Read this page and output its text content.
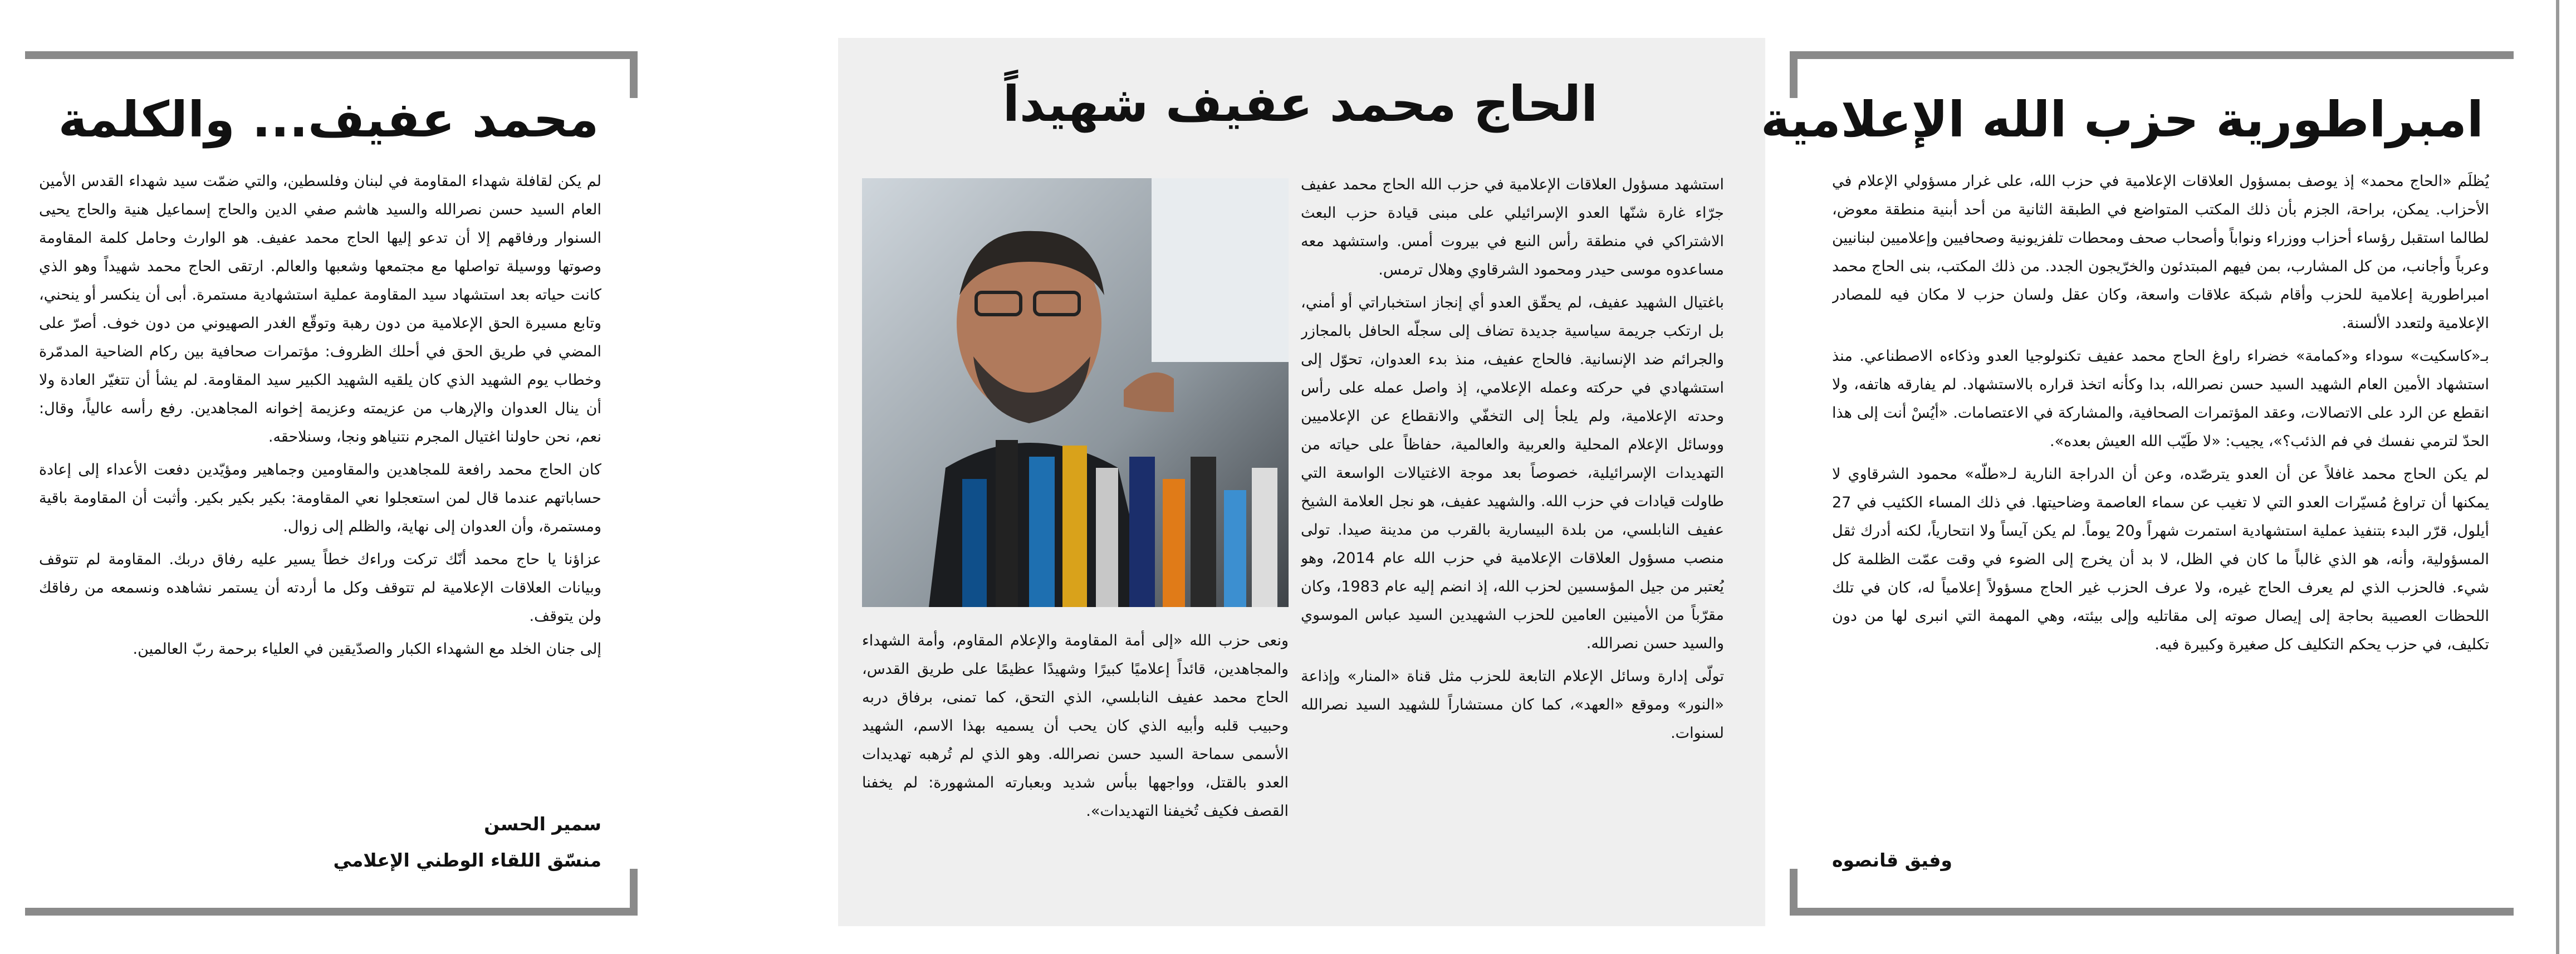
محمد عفيف... والكلمة

لم يكن لقافلة شهداء المقاومة في لبنان وفلسطين، والتي ضمّت سيد شهداء القدس الأمين العام السيد حسن نصرالله والسيد هاشم صفي الدين والحاج إسماعيل هنية والحاج يحيى السنوار ورفاقهم إلا أن تدعو إليها الحاج محمد عفيف. هو الوارث وحامل كلمة المقاومة وصوتها ووسيلة تواصلها مع مجتمعها وشعبها والعالم. ارتقى الحاج محمد شهيداً وهو الذي كانت حياته بعد استشهاد سيد المقاومة عملية استشهادية مستمرة. أبى أن ينكسر أو ينحني، وتابع مسيرة الحق الإعلامية من دون رهبة وتوقّع الغدر الصهيوني من دون خوف. أصرّ على المضي في طريق الحق في أحلك الظروف: مؤتمرات صحافية بين ركام الضاحية المدمّرة وخطاب يوم الشهيد الذي كان يلقيه الشهيد الكبير سيد المقاومة. لم يشأ أن تتغيّر العادة ولا أن ينال العدوان والإرهاب من عزيمته وعزيمة إخوانه المجاهدين. رفع رأسه عالياً، وقال: نعم، نحن حاولنا اغتيال المجرم نتنياهو ونجا، وسنلاحقه.

كان الحاج محمد رافعة للمجاهدين والمقاومين وجماهير ومؤيّدين دفعت الأعداء إلى إعادة حساباتهم عندما قال لمن استعجلوا نعي المقاومة: بكير بكير بكير. وأثبت أن المقاومة باقية ومستمرة، وأن العدوان إلى نهاية، والظلم إلى زوال.

عزاؤنا يا حاج محمد أنّك تركت وراءك خطاً يسير عليه رفاق دربك. المقاومة لم تتوقف وبيانات العلاقات الإعلامية لم تتوقف وكل ما أردته أن يستمر نشاهده ونسمعه من رفاقك ولن يتوقف.

إلى جنان الخلد مع الشهداء الكبار والصدّيقين في العلياء برحمة ربّ العالمين.

سمير الحسن
منسّق اللقاء الوطني الإعلامي
الحاج محمد عفيف شهيداً

استشهد مسؤول العلاقات الإعلامية في حزب الله الحاج محمد عفيف جرّاء غارة شنّها العدو الإسرائيلي على مبنى قيادة حزب البعث الاشتراكي في منطقة رأس النبع في بيروت أمس. واستشهد معه مساعدوه موسى حيدر ومحمود الشرقاوي وهلال ترمس.

باغتيال الشهيد عفيف، لم يحقّق العدو أي إنجاز استخباراتي أو أمني، بل ارتكب جريمة سياسية جديدة تضاف إلى سجلّه الحافل بالمجازر والجرائم ضد الإنسانية. فالحاج عفيف، منذ بدء العدوان، تحوّل إلى استشهادي في حركته وعمله الإعلامي، إذ واصل عمله على رأس وحدته الإعلامية، ولم يلجأ إلى التخفّي والانقطاع عن الإعلاميين ووسائل الإعلام المحلية والعربية والعالمية، حفاظاً على حياته من التهديدات الإسرائيلية، خصوصاً بعد موجة الاغتيالات الواسعة التي طاولت قيادات في حزب الله. والشهيد عفيف، هو نجل العلامة الشيخ عفيف النابلسي، من بلدة البيسارية بالقرب من مدينة صيدا. تولى منصب مسؤول العلاقات الإعلامية في حزب الله عام 2014، وهو يُعتبر من جيل المؤسسين لحزب الله، إذ انضم إليه عام 1983، وكان مقرّباً من الأمينين العامين للحزب الشهيدين السيد عباس الموسوي والسيد حسن نصرالله.

تولّى إدارة وسائل الإعلام التابعة للحزب مثل قناة «المنار» وإذاعة «النور» وموقع «العهد»، كما كان مستشاراً للشهيد السيد نصرالله لسنوات.

ونعى حزب الله «إلى أمة المقاومة والإعلام المقاوم، وأمة الشهداء والمجاهدين، قائداً إعلاميًا كبيرًا وشهيدًا عظيمًا على طريق القدس، الحاج محمد عفيف النابلسي، الذي التحق، كما تمنى، برفاق دربه وحبيب قلبه وأبيه الذي كان يحب أن يسميه بهذا الاسم، الشهيد الأسمى سماحة السيد حسن نصرالله. وهو الذي لم تُرهبه تهديدات العدو بالقتل، وواجهها ببأس شديد وبعبارته المشهورة: لم يخفنا القصف فكيف تُخيفنا التهديدات».

امبراطورية حزب الله الإعلامية

يُظلَم «الحاج محمد» إذ يوصف بمسؤول العلاقات الإعلامية في حزب الله، على غرار مسؤولي الإعلام في الأحزاب. يمكن، براحة، الجزم بأن ذلك المكتب المتواضع في الطبقة الثانية من أحد أبنية منطقة معوض، لطالما استقبل رؤساء أحزاب ووزراء ونواباً وأصحاب صحف ومحطات تلفزيونية وصحافيين وإعلاميين لبنانيين وعرباً وأجانب، من كل المشارب، بمن فيهم المبتدئون والخرّيجون الجدد. من ذلك المكتب، بنى الحاج محمد امبراطورية إعلامية للحزب وأقام شبكة علاقات واسعة، وكان عقل ولسان حزب لا مكان فيه للمصادر الإعلامية ولتعدد الألسنة.

بـ«كاسكيت» سوداء و«كمامة» خضراء راوغ الحاج محمد عفيف تكنولوجيا العدو وذكاءه الاصطناعي. منذ استشهاد الأمين العام الشهيد السيد حسن نصرالله، بدا وكأنه اتخذ قراره بالاستشهاد. لم يفارقه هاتفه، ولا انقطع عن الرد على الاتصالات، وعقد المؤتمرات الصحافية، والمشاركة في الاعتصامات. «أيُسْ أنت إلى هذا الحدّ لترمي نفسك في فم الذئب؟»، يجيب: «لا طَيّب الله العيش بعده».

لم يكن الحاج محمد غافلاً عن أن العدو يترصّده، وعن أن الدراجة النارية لـ«طلّه» محمود الشرقاوي لا يمكنها أن تراوغ مُسيّرات العدو التي لا تغيب عن سماء العاصمة وضاحيتها. في ذلك المساء الكئيب في 27 أيلول، قرّر البدء بتنفيذ عملية استشهادية استمرت شهراً و20 يوماً. لم يكن آيساً ولا انتحارياً، لكنه أدرك ثقل المسؤولية، وأنه، هو الذي غالباً ما كان في الظل، لا بد أن يخرج إلى الضوء في وقت عمّت الظلمة كل شيء. فالحزب الذي لم يعرف الحاج غيره، ولا عرف الحزب غير الحاج مسؤولاً إعلامياً له، كان في تلك اللحظات العصيبة بحاجة إلى إيصال صوته إلى مقاتليه وإلى بيئته، وهي المهمة التي انبرى لها من دون تكليف، في حزب يحكم التكليف كل صغيرة وكبيرة فيه.

وفيق قانصوه
